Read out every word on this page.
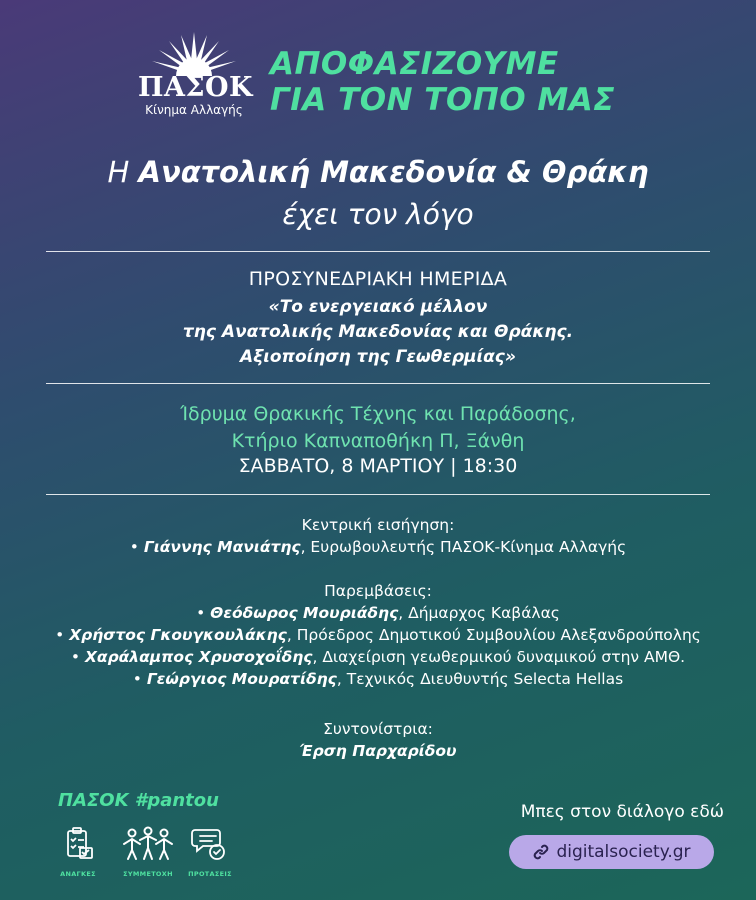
ΠΑΣΟΚ
Κίνημα Αλλαγής
ΑΠΟΦΑΣΙΖΟΥΜΕ
ΓΙΑ ΤΟΝ ΤΟΠΟ ΜΑΣ
Η Ανατολική Μακεδονία & Θράκη
έχει τον λόγο
ΠΡΟΣΥΝΕΔΡΙΑΚΗ ΗΜΕΡΙΔΑ
«Το ενεργειακό μέλλον
της Ανατολικής Μακεδονίας και Θράκης.
Αξιοποίηση της Γεωθερμίας»
Ίδρυμα Θρακικής Τέχνης και Παράδοσης,
Κτήριο Καπναποθήκη Π, Ξάνθη
ΣΑΒΒΑΤΟ, 8 ΜΑΡΤΙΟΥ | 18:30
Κεντρική εισήγηση:
• Γιάννης Μανιάτης, Ευρωβουλευτής ΠΑΣΟΚ-Κίνημα Αλλαγής
Παρεμβάσεις:
• Θεόδωρος Μουριάδης, Δήμαρχος Καβάλας
• Χρήστος Γκουγκουλάκης, Πρόεδρος Δημοτικού Συμβουλίου Αλεξανδρούπολης
• Χαράλαμπος Χρυσοχοΐδης, Διαχείριση γεωθερμικού δυναμικού στην ΑΜΘ.
• Γεώργιος Μουρατίδης, Τεχνικός Διευθυντής Selecta Hellas
Συντονίστρια:
Έρση Παρχαρίδου
ΠΑΣΟΚ #pantou
ΑΝΑΓΚΕΣ	ΣΥΜΜΕΤΟΧΗ	ΠΡΟΤΑΣΕΙΣ
Μπες στον διάλογο εδώ
digitalsociety.gr
